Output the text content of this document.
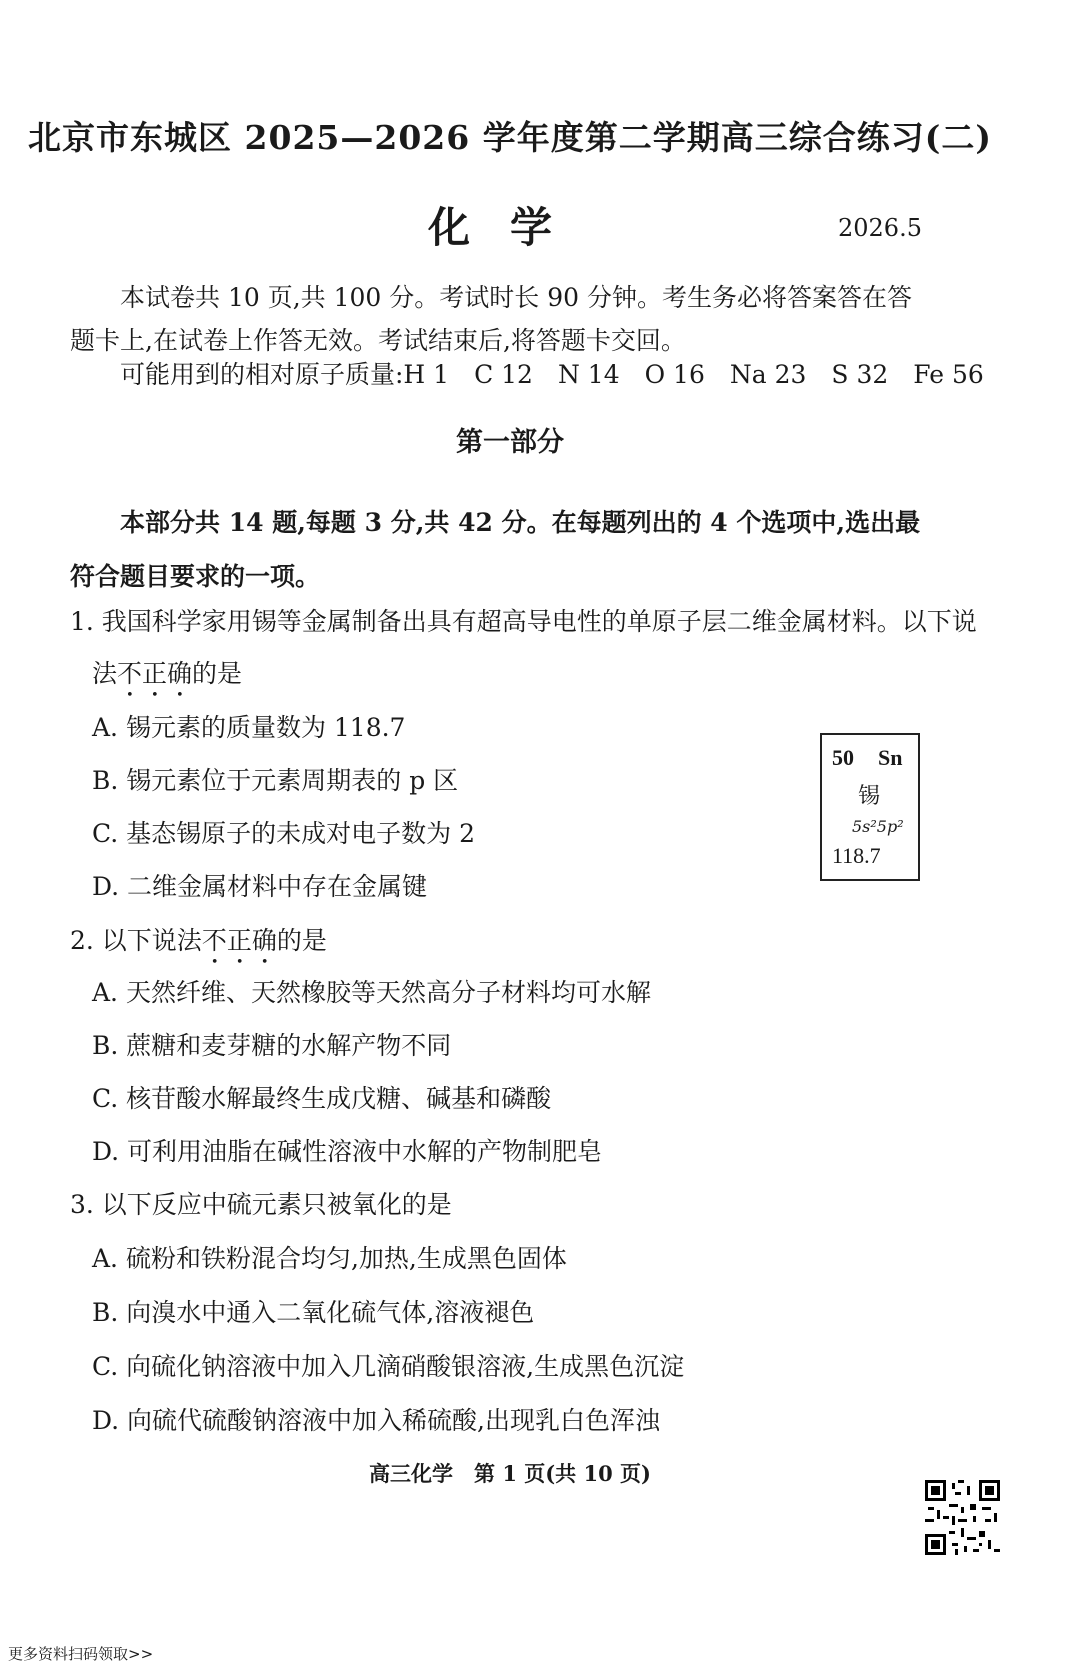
北京市东城区 2025—2026 学年度第二学期高三综合练习(二)
化学	2026.5
本试卷共 10 页,共 100 分。考试时长 90 分钟。考生务必将答案答在答题卡上,在试卷上作答无效。考试结束后,将答题卡交回。
可能用到的相对原子质量:H 1　C 12　N 14　O 16　Na 23　S 32　Fe 56
第一部分
本部分共 14 题,每题 3 分,共 42 分。在每题列出的 4 个选项中,选出最符合题目要求的一项。
1. 我国科学家用锡等金属制备出具有超高导电性的单原子层二维金属材料。以下说
法不正确的是
A. 锡元素的质量数为 118.7
B. 锡元素位于元素周期表的 p 区
C. 基态锡原子的未成对电子数为 2
D. 二维金属材料中存在金属键
50 Sn
锡
5s²5p²
118.7
2. 以下说法不正确的是
A. 天然纤维、天然橡胶等天然高分子材料均可水解
B. 蔗糖和麦芽糖的水解产物不同
C. 核苷酸水解最终生成戊糖、碱基和磷酸
D. 可利用油脂在碱性溶液中水解的产物制肥皂
3. 以下反应中硫元素只被氧化的是
A. 硫粉和铁粉混合均匀,加热,生成黑色固体
B. 向溴水中通入二氧化硫气体,溶液褪色
C. 向硫化钠溶液中加入几滴硝酸银溶液,生成黑色沉淀
D. 向硫代硫酸钠溶液中加入稀硫酸,出现乳白色浑浊
高三化学　第 1 页(共 10 页)
更多资料扫码领取>>
